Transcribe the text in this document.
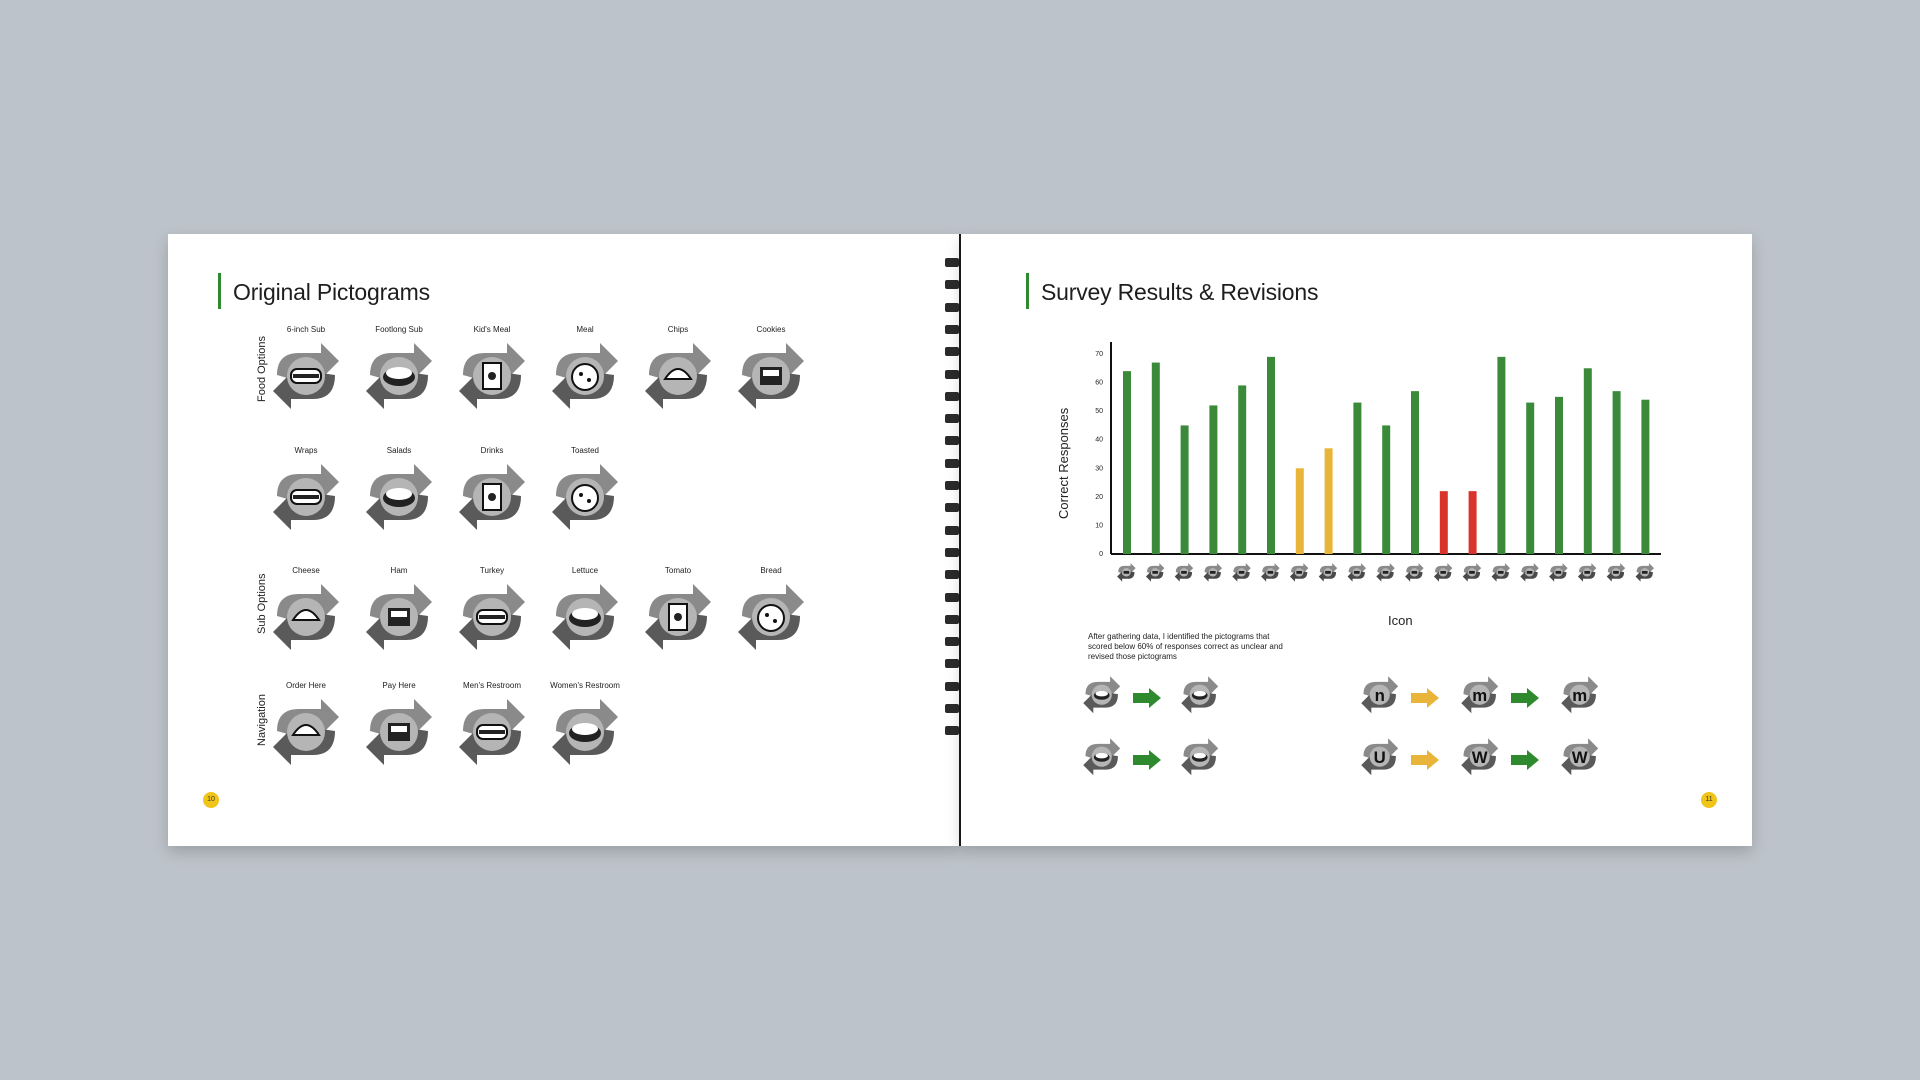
Original Pictograms
Food Options
6-inch Sub	Footlong Sub	Kid's Meal	Meal	Chips	Cookies
Wraps	Salads	Drinks	Toasted
Sub Options
Cheese	Ham	Turkey	Lettuce	Tomato	Bread
Navigation
Order Here	Pay Here	Men's Restroom	Women's Restroom
10
Survey Results & Revisions
0
10
20
30
40
50
60
70
Correct Responses
Icon
After gathering data, I identified the pictograms that scored below 60% of responses correct as unclear and revised those pictograms
n	m	m
U	W	W
11
